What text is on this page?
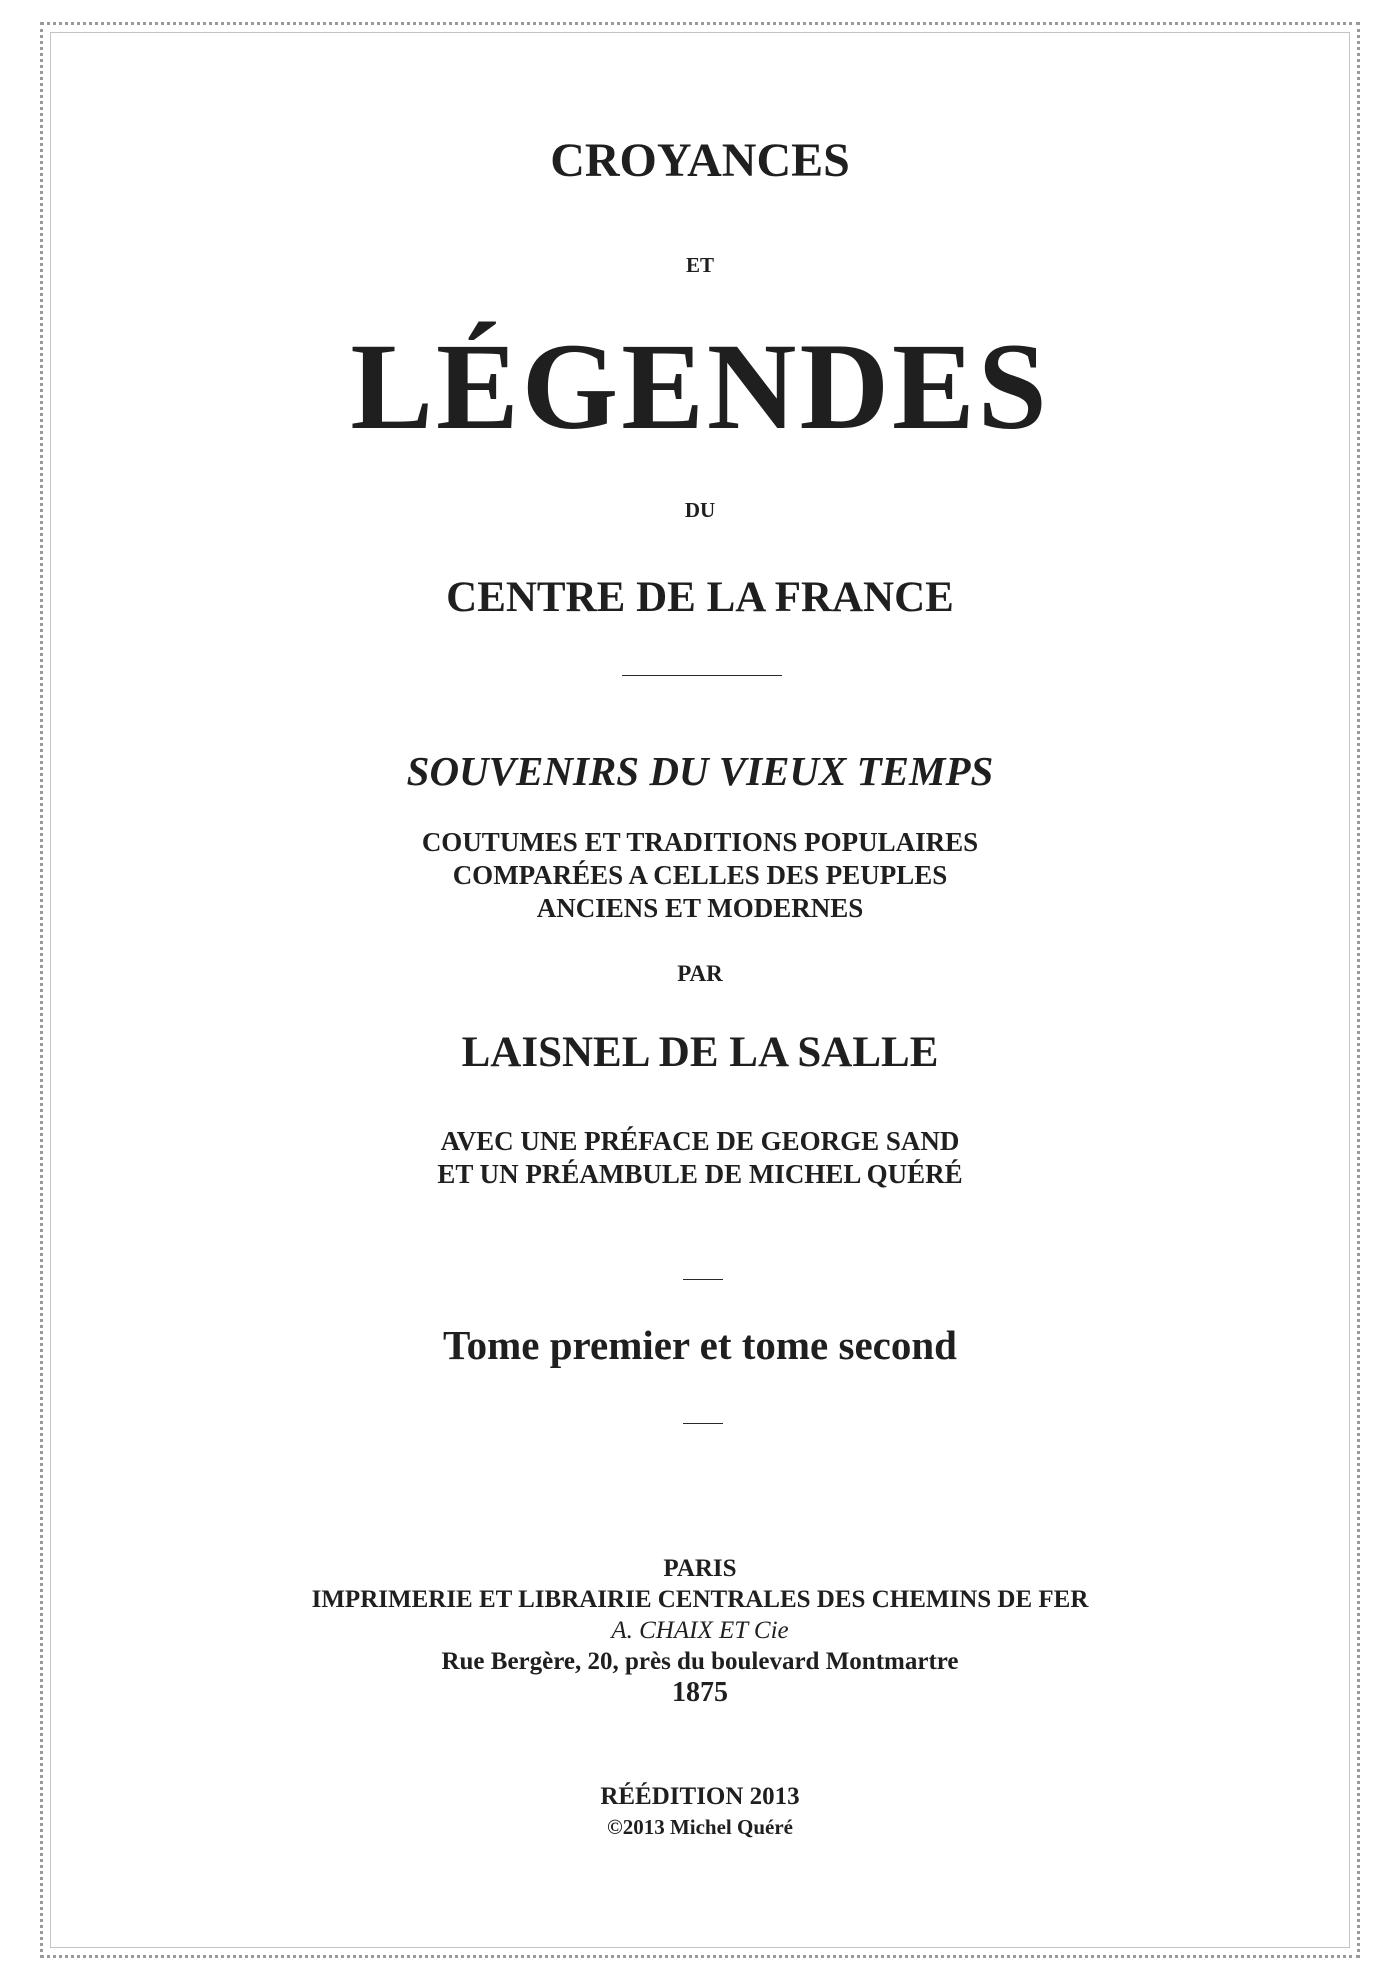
CROYANCES

ET

LÉGENDES

DU

CENTRE DE LA FRANCE

SOUVENIRS DU VIEUX TEMPS

COUTUMES ET TRADITIONS POPULAIRES
COMPARÉES A CELLES DES PEUPLES
ANCIENS ET MODERNES

PAR

LAISNEL DE LA SALLE

AVEC UNE PRÉFACE DE GEORGE SAND
ET UN PRÉAMBULE DE MICHEL QUÉRÉ

Tome premier et tome second

PARIS
IMPRIMERIE ET LIBRAIRIE CENTRALES DES CHEMINS DE FER
A. CHAIX ET Cie
Rue Bergère, 20, près du boulevard Montmartre
1875
RÉÉDITION 2013
©2013 Michel Quéré
